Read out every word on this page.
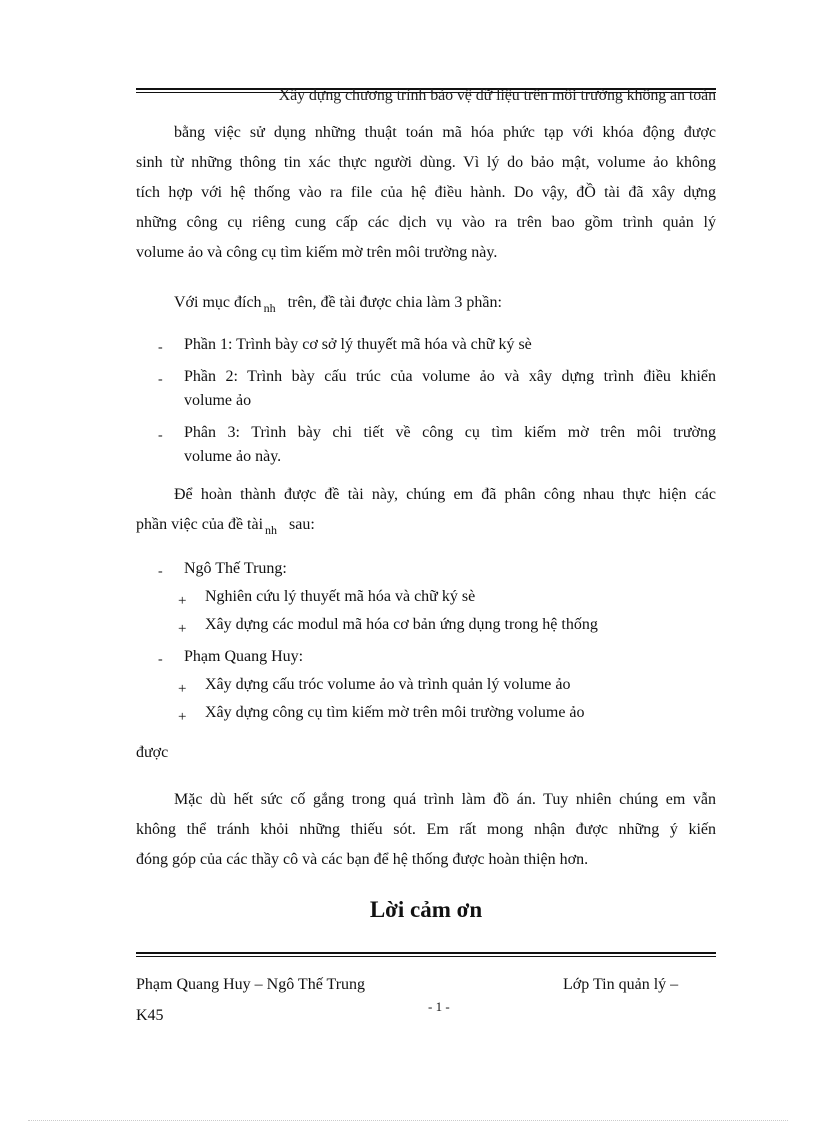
Xây dựng chương trình bảo vệ dữ liệu trên môi trường không an toàn
bằng việc sử dụng những thuật toán mã hóa phức tạp với khóa động được
sinh từ những thông tin xác thực người dùng. Vì lý do bảo mật, volume ảo không
tích hợp với hệ thống vào ra file của hệ điều hành. Do vậy, đỒ tài đã xây dựng
những công cụ riêng cung cấp các dịch vụ vào ra trên bao gồm trình quản lý
volume ảo và công cụ tìm kiếm mờ trên môi trường này.
Với mục đích $_{nh}$ trên, đề tài được chia làm 3 phần:
- Phần 1: Trình bày cơ sở lý thuyết mã hóa và chữ ký sè
- Phần 2: Trình bày cấu trúc của volume ảo và xây dựng trình điều khiển
volume ảo
- Phân 3: Trình bày chi tiết về công cụ tìm kiếm mờ trên môi trường
volume ảo này.
Để hoàn thành được đề tài này, chúng em đã phân công nhau thực hiện các
phần việc của đề tài $_{nh}$ sau:
- Ngô Thế Trung:
+ Nghiên cứu lý thuyết mã hóa và chữ ký sè
+ Xây dựng các modul mã hóa cơ bản ứng dụng trong hệ thống
- Phạm Quang Huy:
+ Xây dựng cấu tróc volume ảo và trình quản lý volume ảo
+ Xây dựng công cụ tìm kiếm mờ trên môi trường volume ảo
được
Mặc dù hết sức cố gắng trong quá trình làm đồ án. Tuy nhiên chúng em vẫn
không thể tránh khỏi những thiếu sót. Em rất mong nhận được những ý kiến
đóng góp của các thầy cô và các bạn để hệ thống được hoàn thiện hơn.
Lời cảm ơn
Phạm Quang Huy – Ngô Thế Trung	Lớp Tin quản lý –
- 1 -
K45
